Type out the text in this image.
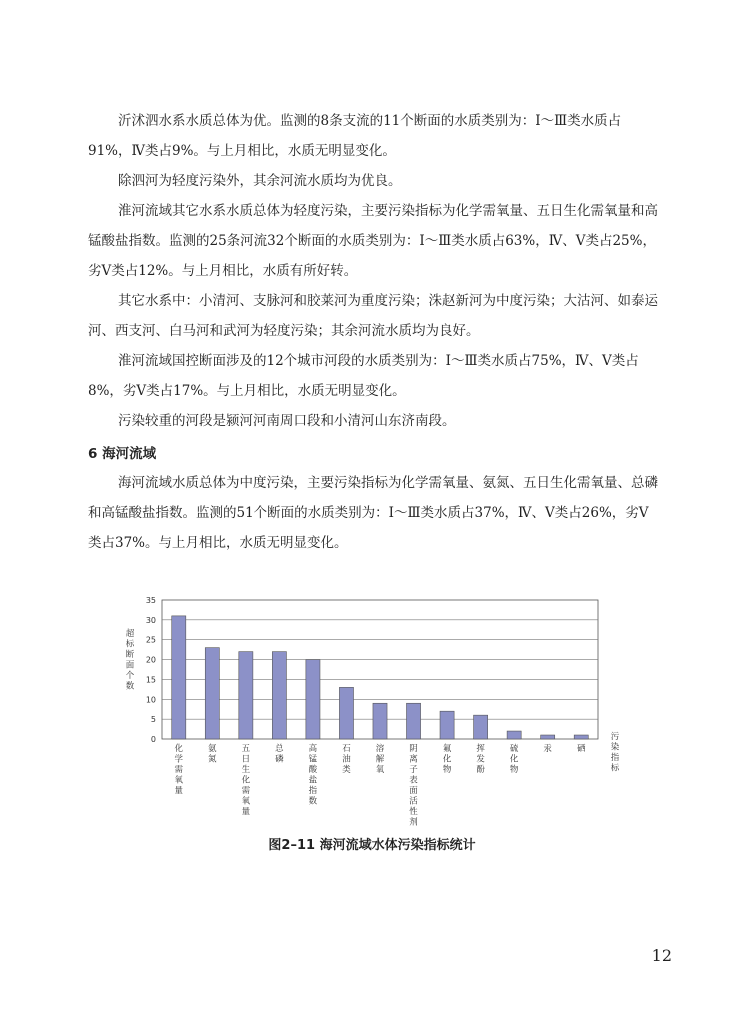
沂沭泗水系水质总体为优。监测的8条支流的11个断面的水质类别为：Ⅰ～Ⅲ类水质占91%，Ⅳ类占9%。与上月相比，水质无明显变化。

除泗河为轻度污染外，其余河流水质均为优良。

淮河流域其它水系水质总体为轻度污染，主要污染指标为化学需氧量、五日生化需氧量和高锰酸盐指数。监测的25条河流32个断面的水质类别为：Ⅰ～Ⅲ类水质占63%，Ⅳ、Ⅴ类占25%，劣Ⅴ类占12%。与上月相比，水质有所好转。

其它水系中：小清河、支脉河和胶莱河为重度污染；洙赵新河为中度污染；大沽河、如泰运河、西支河、白马河和武河为轻度污染；其余河流水质均为良好。

淮河流域国控断面涉及的12个城市河段的水质类别为：Ⅰ～Ⅲ类水质占75%，Ⅳ、Ⅴ类占8%，劣Ⅴ类占17%。与上月相比，水质无明显变化。

污染较重的河段是颍河河南周口段和小清河山东济南段。

6 海河流域

海河流域水质总体为中度污染，主要污染指标为化学需氧量、氨氮、五日生化需氧量、总磷和高锰酸盐指数。监测的51个断面的水质类别为：Ⅰ～Ⅲ类水质占37%，Ⅳ、Ⅴ类占26%，劣Ⅴ类占37%。与上月相比，水质无明显变化。

0
5
10
15
20
25
30
35
化学需氧量
氨氮
五日生化需氧量
总磷
高锰酸盐指数
石油类
溶解氧
阴离子表面活性剂
氟化物
挥发酚
硫化物
汞	硒
超标断面个数
污染指标
图2–11 海河流域水体污染指标统计
12
